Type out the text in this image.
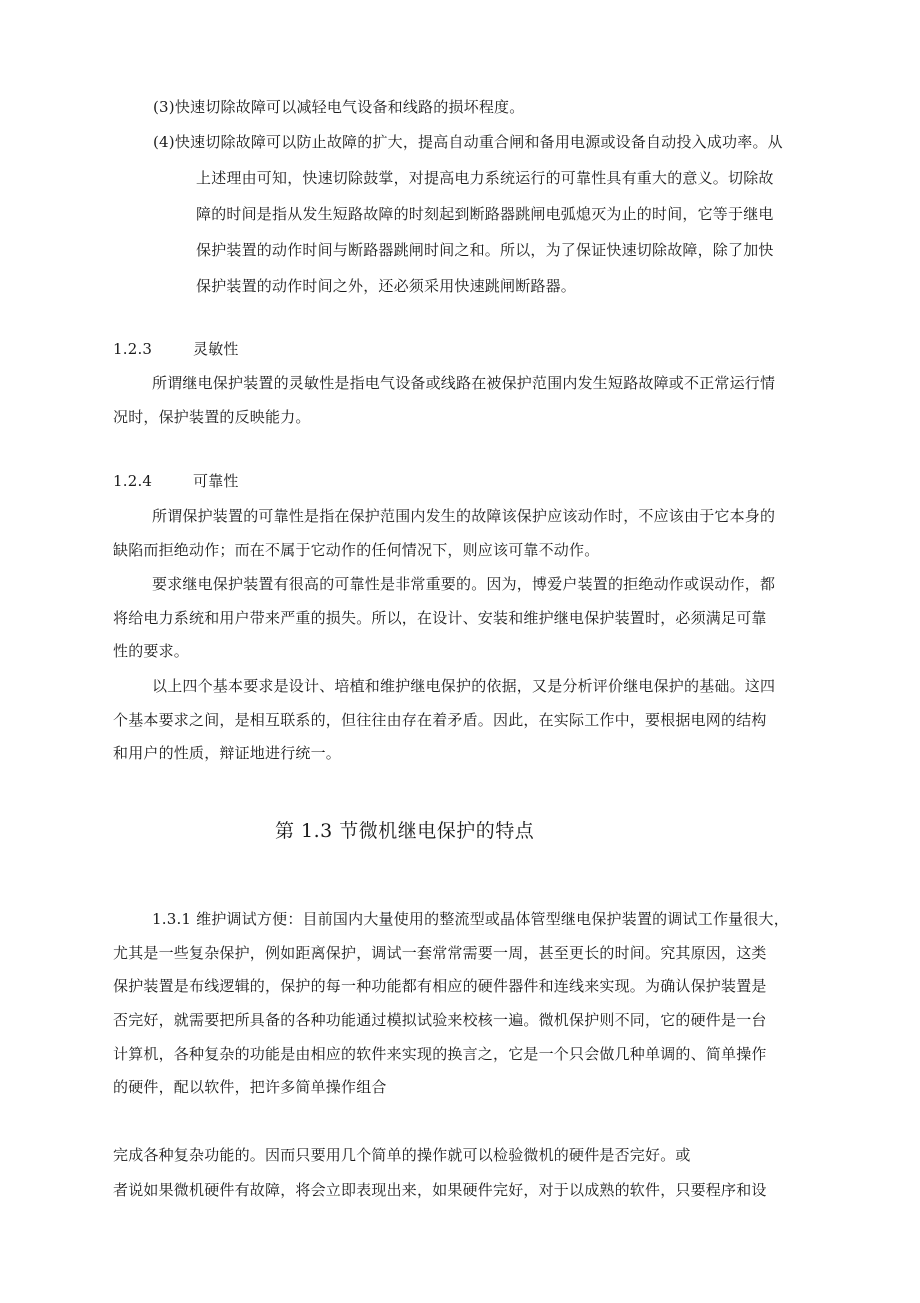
(3)快速切除故障可以减轻电气设备和线路的损坏程度。
(4)快速切除故障可以防止故障的扩大，提高自动重合闸和备用电源或设备自动投入成功率。从
上述理由可知，快速切除鼓掌，对提高电力系统运行的可靠性具有重大的意义。切除故
障的时间是指从发生短路故障的时刻起到断路器跳闸电弧熄灭为止的时间，它等于继电
保护装置的动作时间与断路器跳闸时间之和。所以，为了保证快速切除故障，除了加快
保护装置的动作时间之外，还必须采用快速跳闸断路器。
1.2.3	灵敏性
所谓继电保护装置的灵敏性是指电气设备或线路在被保护范围内发生短路故障或不正常运行情
况时，保护装置的反映能力。
1.2.4	可靠性
所谓保护装置的可靠性是指在保护范围内发生的故障该保护应该动作时，不应该由于它本身的
缺陷而拒绝动作；而在不属于它动作的任何情况下，则应该可靠不动作。
要求继电保护装置有很高的可靠性是非常重要的。因为，博爱户装置的拒绝动作或误动作，都
将给电力系统和用户带来严重的损失。所以，在设计、安装和维护继电保护装置时，必须满足可靠
性的要求。
以上四个基本要求是设计、培植和维护继电保护的依据，又是分析评价继电保护的基础。这四
个基本要求之间，是相互联系的，但往往由存在着矛盾。因此，在实际工作中，要根据电网的结构
和用户的性质，辩证地进行统一。
第 1.3 节微机继电保护的特点
1.3.1 维护调试方便：目前国内大量使用的整流型或晶体管型继电保护装置的调试工作量很大，
尤其是一些复杂保护，例如距离保护，调试一套常常需要一周，甚至更长的时间。究其原因，这类
保护装置是布线逻辑的，保护的每一种功能都有相应的硬件器件和连线来实现。为确认保护装置是
否完好，就需要把所具备的各种功能通过模拟试验来校核一遍。微机保护则不同，它的硬件是一台
计算机，各种复杂的功能是由相应的软件来实现的换言之，它是一个只会做几种单调的、简单操作
的硬件，配以软件，把许多简单操作组合
完成各种复杂功能的。因而只要用几个简单的操作就可以检验微机的硬件是否完好。或
者说如果微机硬件有故障，将会立即表现出来，如果硬件完好，对于以成熟的软件，只要程序和设
